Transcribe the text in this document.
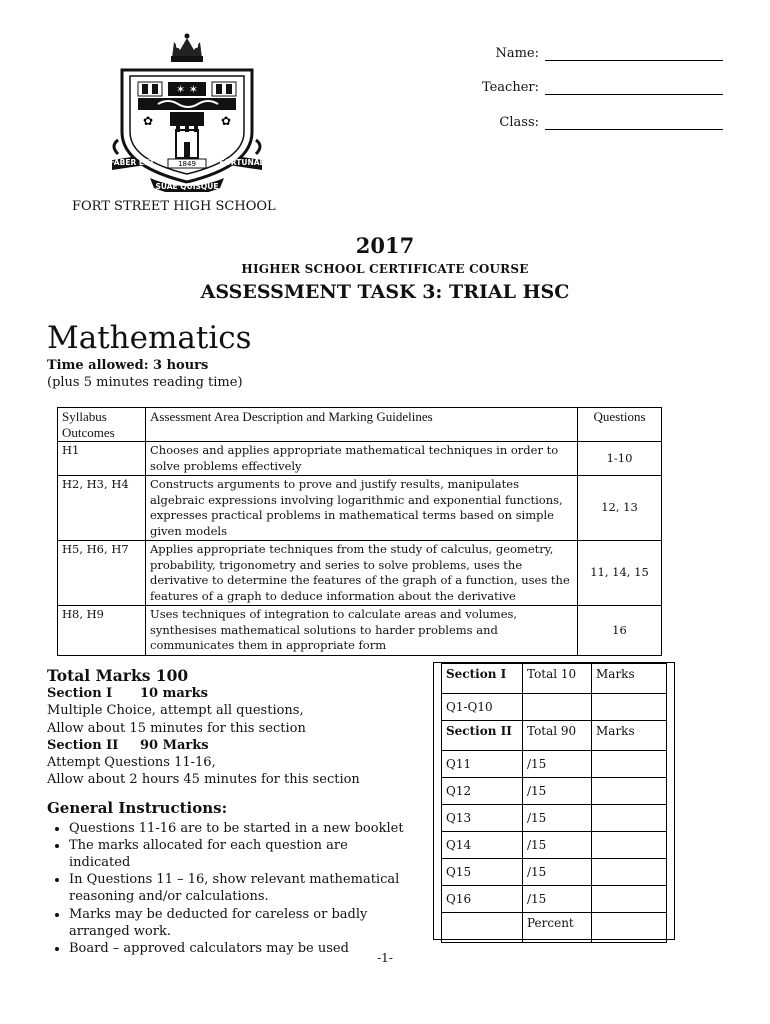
✶ ✶
✿	✿
1849
FABER EST	FORTUNAE
SUAE QUISQUE
FORT STREET HIGH SCHOOL
Name:
Teacher:
Class:
2017
HIGHER SCHOOL CERTIFICATE COURSE
ASSESSMENT TASK 3: TRIAL HSC
Mathematics
Time allowed: 3 hours
(plus 5 minutes reading time)
Syllabus Outcomes	Assessment Area Description and Marking Guidelines	Questions
H1	Chooses and applies appropriate mathematical techniques in order to solve problems effectively	1-10
H2, H3, H4	Constructs arguments to prove and justify results, manipulates algebraic expressions involving logarithmic and exponential functions, expresses practical problems in mathematical terms based on simple given models	12, 13
H5, H6, H7	Applies appropriate techniques from the study of calculus, geometry, probability, trigonometry and series to solve problems, uses the derivative to determine the features of the graph of a function, uses the features of a graph to deduce information about the derivative	11, 14, 15
H8, H9	Uses techniques of integration to calculate areas and volumes, synthesises mathematical solutions to harder problems and communicates them in appropriate form	16
Total Marks 100
Section I 10 marks
Multiple Choice, attempt all questions,
Allow about 15 minutes for this section
Section II 90 Marks
Attempt Questions 11-16,
Allow about 2 hours 45 minutes for this section
General Instructions:
• Questions 11-16 are to be started in a new booklet
• The marks allocated for each question are indicated
• In Questions 11 – 16, show relevant mathematical reasoning and/or calculations.
• Marks may be deducted for careless or badly arranged work.
• Board – approved calculators may be used
Section I	Total 10	Marks
Q1-Q10		
Section II	Total 90	Marks
Q11	/15	
Q12	/15	
Q13	/15	
Q14	/15	
Q15	/15	
Q16	/15	
	Percent	
-1-
